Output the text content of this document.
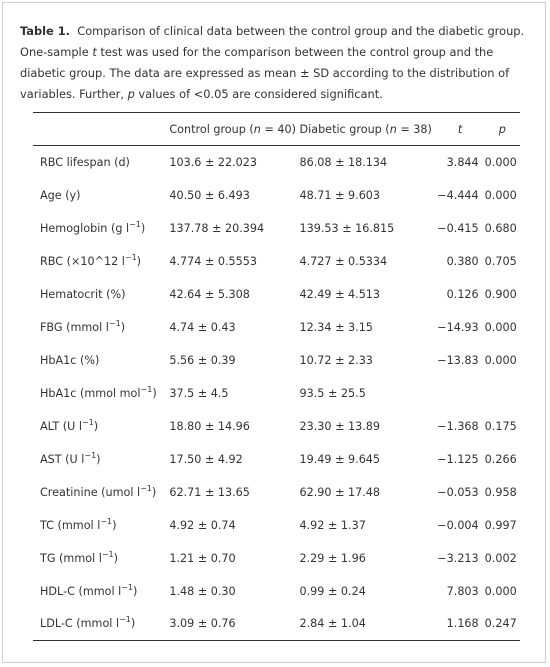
Table 1. Comparison of clinical data between the control group and the diabetic group. One-sample t test was used for the comparison between the control group and the diabetic group. The data are expressed as mean ± SD according to the distribution of variables. Further, p values of <0.05 are considered significant.
	Control group (n = 40)	Diabetic group (n = 38)	t	p
RBC lifespan (d)	103.6 ± 22.023	86.08 ± 18.134	3.844	0.000
Age (y)	40.50 ± 6.493	48.71 ± 9.603	−4.444	0.000
Hemoglobin (g $l^{-1}$)	137.78 ± 20.394	139.53 ± 16.815	−0.415	0.680
RBC (×10^12 $l^{-1}$)	4.774 ± 0.5553	4.727 ± 0.5334	0.380	0.705
Hematocrit (%)	42.64 ± 5.308	42.49 ± 4.513	0.126	0.900
FBG (mmol $l^{-1}$)	4.74 ± 0.43	12.34 ± 3.15	−14.93	0.000
HbA1c (%)	5.56 ± 0.39	10.72 ± 2.33	−13.83	0.000
HbA1c (mmol mol$^{-1}$)	37.5 ± 4.5	93.5 ± 25.5		
ALT (U $l^{-1}$)	18.80 ± 14.96	23.30 ± 13.89	−1.368	0.175
AST (U $l^{-1}$)	17.50 ± 4.92	19.49 ± 9.645	−1.125	0.266
Creatinine (umol $l^{-1}$)	62.71 ± 13.65	62.90 ± 17.48	−0.053	0.958
TC (mmol $l^{-1}$)	4.92 ± 0.74	4.92 ± 1.37	−0.004	0.997
TG (mmol $l^{-1}$)	1.21 ± 0.70	2.29 ± 1.96	−3.213	0.002
HDL-C (mmol $l^{-1}$)	1.48 ± 0.30	0.99 ± 0.24	7.803	0.000
LDL-C (mmol $l^{-1}$)	3.09 ± 0.76	2.84 ± 1.04	1.168	0.247
